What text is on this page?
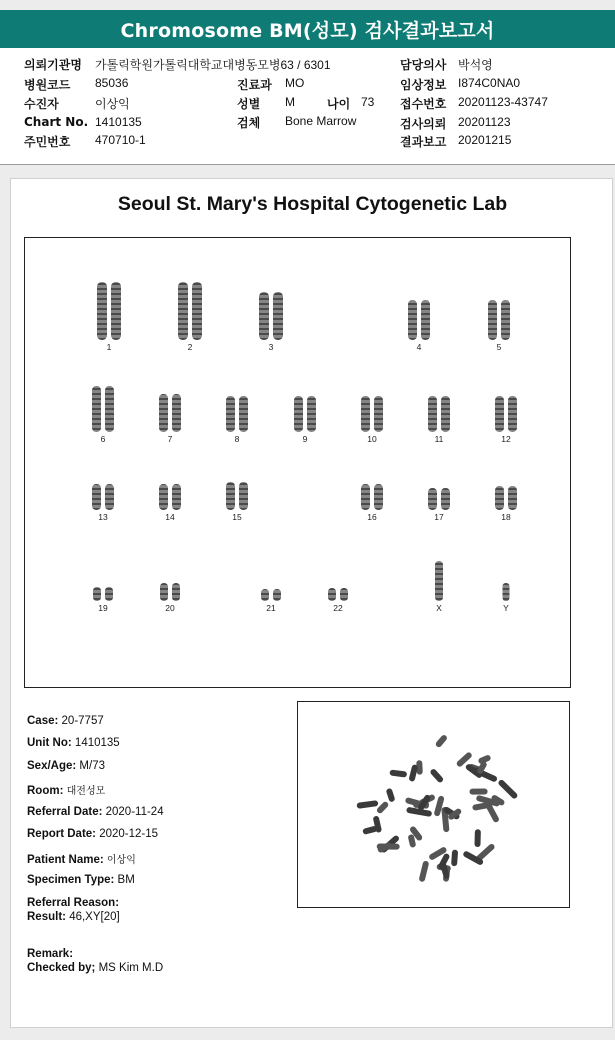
Chromosome BM(성모) 검사결과보고서
의뢰기관명 가톨릭학원가톨릭대학교대병동모병63 / 6301
병원코드 85036
수진자	이상익
Chart No. 1410135
주민번호 470710-1
진료과 MO
성별 M	나이 73
검체 Bone Marrow
담당의사 박석영
임상정보 I874C0NA0
접수번호 20201123-43747
검사의뢰 20201123
결과보고 20201215
Seoul St. Mary's Hospital Cytogenetic Lab
1	2	3	4	5
6	7	8	9	10	11	12
13	14	15	16	17	18
19	20	21	22	X	Y
Case: 20-7757
Unit No: 1410135
Sex/Age: M/73
Room: 대전성모
Referral Date: 2020-11-24
Report Date: 2020-12-15
Patient Name: 이상익
Specimen Type: BM
Referral Reason:
Result: 46,XY[20]
Remark:
Checked by; MS Kim M.D
